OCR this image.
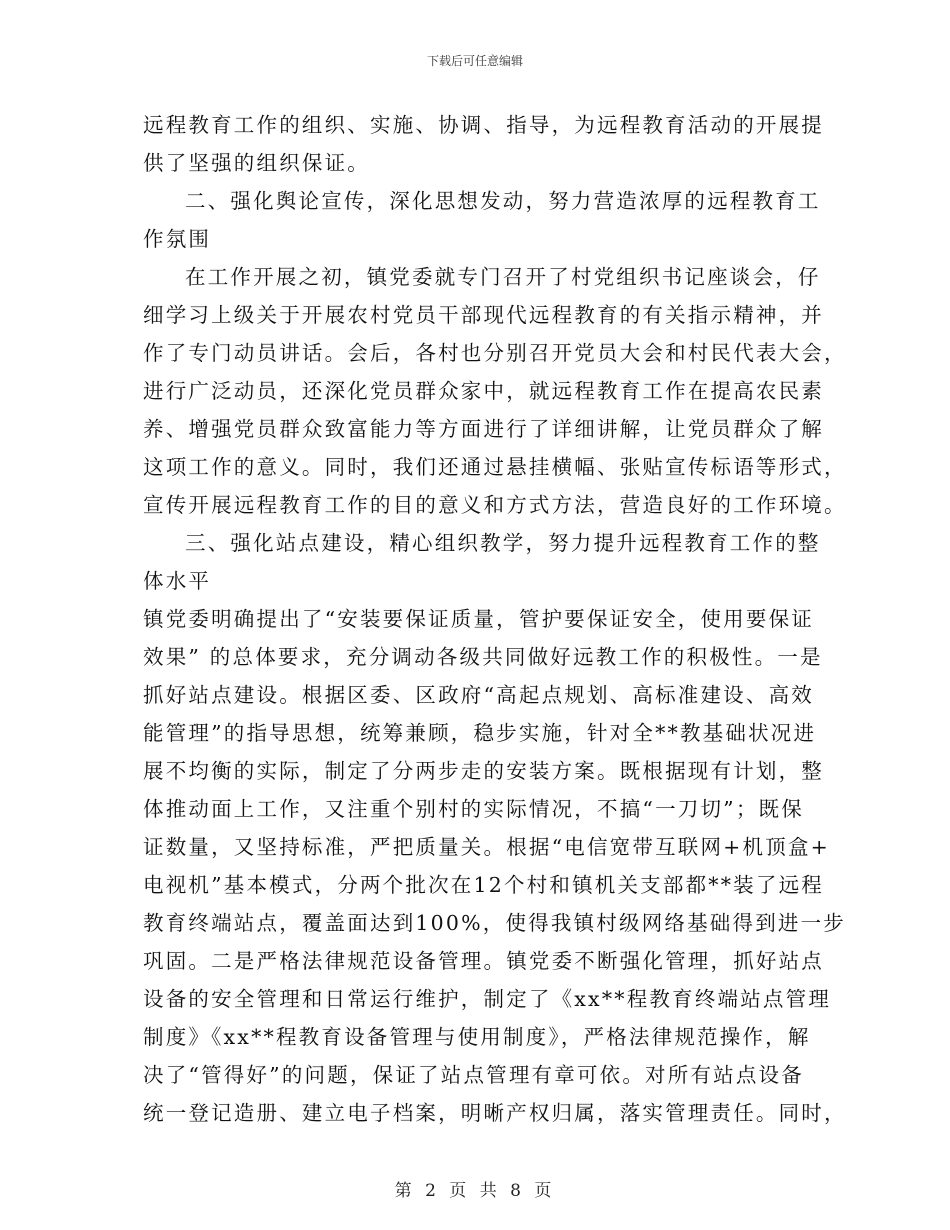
下载后可任意编辑
远程教育工作的组织、实施、协调、指导，为远程教育活动的开展提
供了坚强的组织保证。
二、强化舆论宣传，深化思想发动，努力营造浓厚的远程教育工
作氛围
在工作开展之初，镇党委就专门召开了村党组织书记座谈会，仔
细学习上级关于开展农村党员干部现代远程教育的有关指示精神，并
作了专门动员讲话。会后，各村也分别召开党员大会和村民代表大会，
进行广泛动员，还深化党员群众家中，就远程教育工作在提高农民素
养、增强党员群众致富能力等方面进行了详细讲解，让党员群众了解
这项工作的意义。同时，我们还通过悬挂横幅、张贴宣传标语等形式，
宣传开展远程教育工作的目的意义和方式方法，营造良好的工作环境。
三、强化站点建设，精心组织教学，努力提升远程教育工作的整
体水平
镇党委明确提出了“安装要保证质量，管护要保证安全，使用要保证
效果” 的总体要求，充分调动各级共同做好远教工作的积极性。一是
抓好站点建设。根据区委、区政府“高起点规划、高标准建设、高效
能管理”的指导思想，统筹兼顾，稳步实施，针对全**教基础状况进
展不均衡的实际，制定了分两步走的安装方案。既根据现有计划，整
体推动面上工作，又注重个别村的实际情况，不搞“一刀切”；既保
证数量，又坚持标准，严把质量关。根据“电信宽带互联网+机顶盒+
电视机”基本模式，分两个批次在12个村和镇机关支部都**装了远程
教育终端站点，覆盖面达到100%，使得我镇村级网络基础得到进一步
巩固。二是严格法律规范设备管理。镇党委不断强化管理，抓好站点
设备的安全管理和日常运行维护，制定了《xx**程教育终端站点管理
制度》《xx**程教育设备管理与使用制度》，严格法律规范操作，解
决了“管得好”的问题，保证了站点管理有章可依。对所有站点设备
统一登记造册、建立电子档案，明晰产权归属，落实管理责任。同时，
第 2 页 共 8 页
